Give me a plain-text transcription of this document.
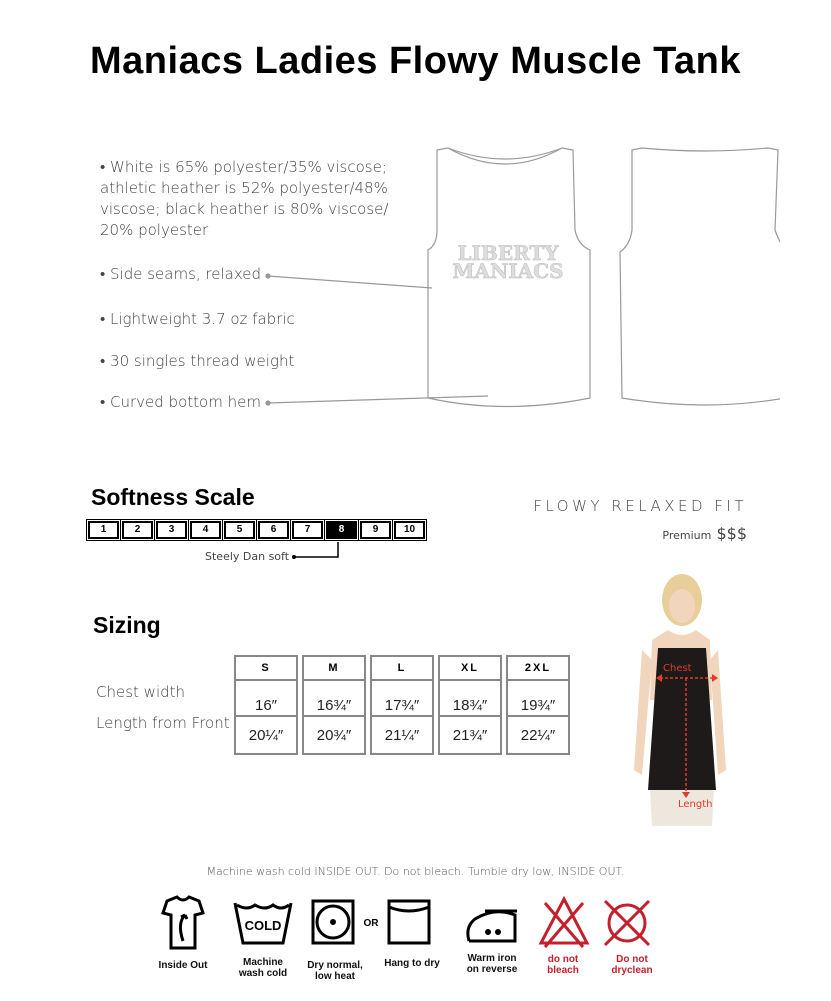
Maniacs Ladies Flowy Muscle Tank
• White is 65% polyester/35% viscose; athletic heather is 52% polyester/48% viscose; black heather is 80% viscose/ 20% polyester
• Side seams, relaxed
• Lightweight 3.7 oz fabric
• 30 singles thread weight
• Curved bottom hem
LIBERTY
MANIACS
Softness Scale
1	2	3	4	5	6	7	8	9	10
Steely Dan soft
FLOWY RELAXED FIT
Premium $$$
Sizing
Chest width
Length from Front
S	M	L	XL	2XL
16″	16¾″	17¾″	18¾″	19¾″
20¼″	20¾″	21¼″	21¾″	22¼″
Chest
Length
Machine wash cold INSIDE OUT. Do not bleach. Tumble dry low, INSIDE OUT.
COLD	OR
Inside Out	Machine wash cold
Dry normal, low heat
Hang to dry	Warm iron on reverse
do not bleach
Do not dryclean
